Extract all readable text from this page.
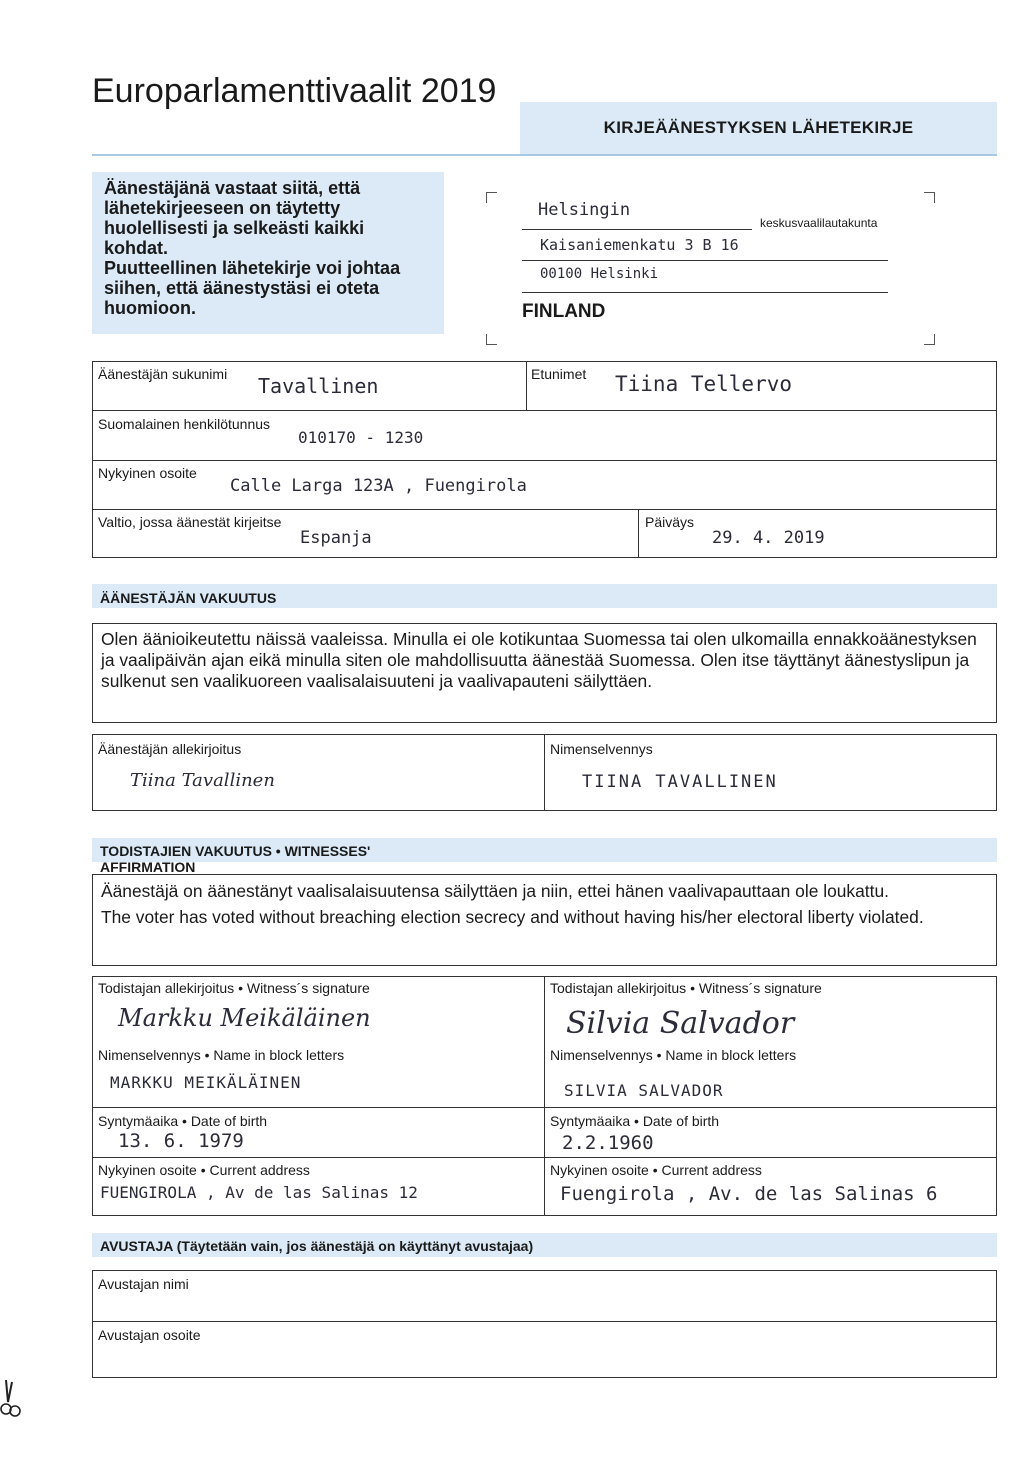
Europarlamenttivaalit 2019
KIRJEÄÄNESTYKSEN LÄHETEKIRJE

Äänestäjänä vastaat siitä, että lähetekirjeeseen on täytetty huolellisesti ja selkeästi kaikki kohdat.

Puutteellinen lähetekirje voi johtaa siihen, että äänestystäsi ei oteta huomioon.

Helsingin
keskusvaalilautakunta
Kaisaniemenkatu 3 B 16
00100 Helsinki
FINLAND
Äänestäjän sukunimi Tavallinen	Etunimet Tiina Tellervo
Suomalainen henkilötunnus
010170 - 1230
Nykyinen osoite
Calle Larga 123A , Fuengirola
Valtio, jossa äänestät kirjeitse
Espanja
Päiväys
29. 4. 2019
ÄÄNESTÄJÄN VAKUUTUS
Olen äänioikeutettu näissä vaaleissa. Minulla ei ole kotikuntaa Suomessa tai olen ulkomailla ennakkoäänestyksen ja vaalipäivän ajan eikä minulla siten ole mahdollisuutta äänestää Suomessa. Olen itse täyttänyt äänestyslipun ja sulkenut sen vaalikuoreen vaalisalaisuuteni ja vaalivapauteni säilyttäen.
Äänestäjän allekirjoitus
Tiina Tavallinen
Nimenselvennys
TIINA TAVALLINEN
TODISTAJIEN VAKUUTUS • WITNESSES' AFFIRMATION
Äänestäjä on äänestänyt vaalisalaisuutensa säilyttäen ja niin, ettei hänen vaalivapauttaan ole loukattu.
The voter has voted without breaching election secrecy and without having his/her electoral liberty violated.
Todistajan allekirjoitus • Witness´s signature
Markku Meikäläinen
Nimenselvennys • Name in block letters
MARKKU MEIKÄLÄINEN
Syntymäaika • Date of birth
13. 6. 1979
Nykyinen osoite • Current address
FUENGIROLA , Av de las Salinas 12
Todistajan allekirjoitus • Witness´s signature
Silvia Salvador
Nimenselvennys • Name in block letters
SILVIA SALVADOR
Syntymäaika • Date of birth
2.2.1960
Nykyinen osoite • Current address
Fuengirola , Av. de las Salinas 6
AVUSTAJA (Täytetään vain, jos äänestäjä on käyttänyt avustajaa)
Avustajan nimi
Avustajan osoite
